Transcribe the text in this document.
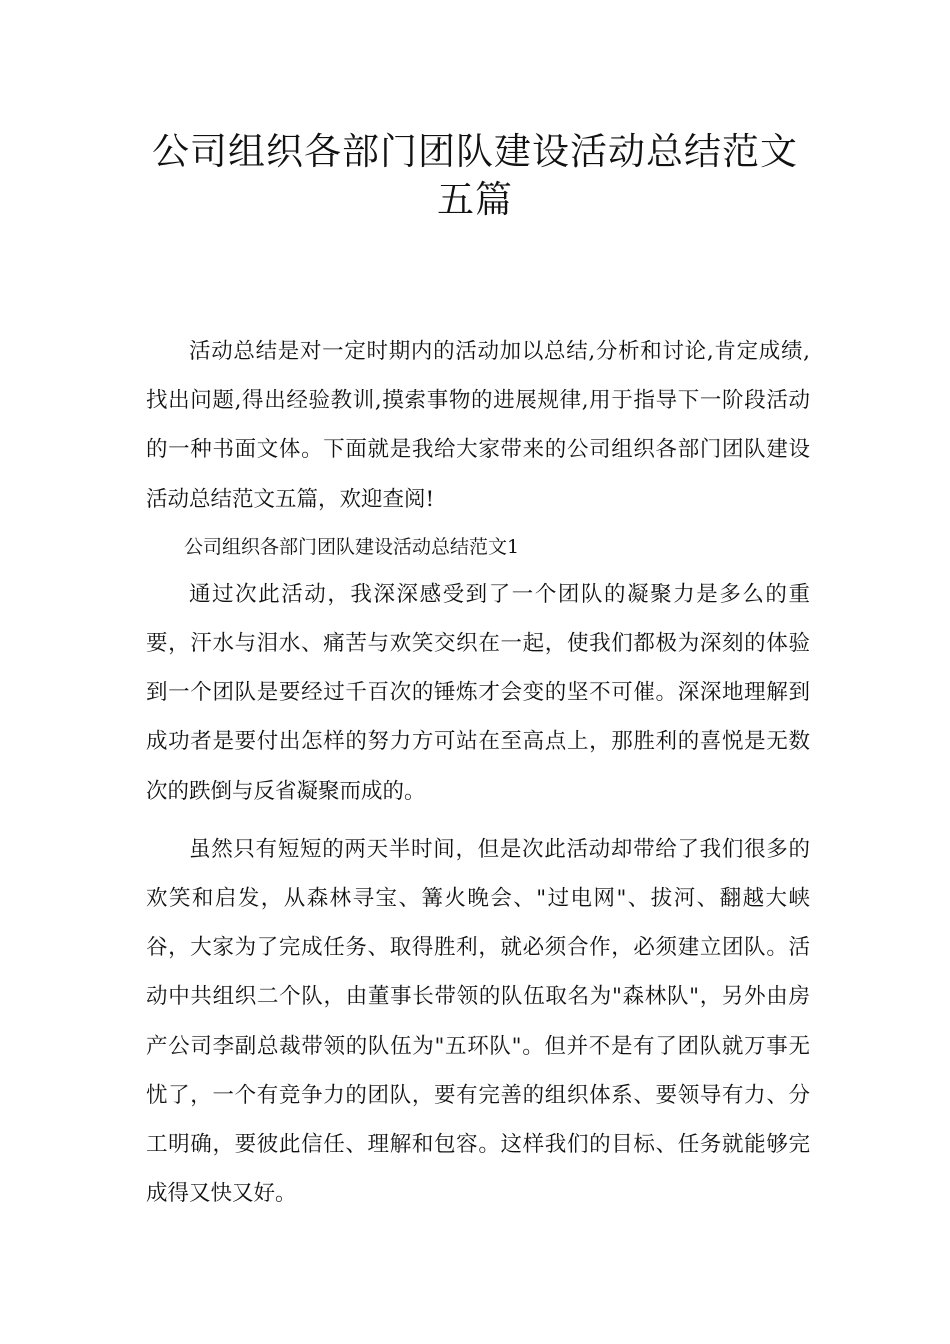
公司组织各部门团队建设活动总结范文
五篇

活动总结是对一定时期内的活动加以总结,分析和讨论,肯定成绩,找出问题,得出经验教训,摸索事物的进展规律,用于指导下一阶段活动的一种书面文体。下面就是我给大家带来的公司组织各部门团队建设活动总结范文五篇，欢迎查阅!

公司组织各部门团队建设活动总结范文1

通过次此活动，我深深感受到了一个团队的凝聚力是多么的重要，汗水与泪水、痛苦与欢笑交织在一起，使我们都极为深刻的体验到一个团队是要经过千百次的锤炼才会变的坚不可催。深深地理解到成功者是要付出怎样的努力方可站在至高点上，那胜利的喜悦是无数次的跌倒与反省凝聚而成的。

虽然只有短短的两天半时间，但是次此活动却带给了我们很多的欢笑和启发，从森林寻宝、篝火晚会、"过电网"、拔河、翻越大峡谷，大家为了完成任务、取得胜利，就必须合作，必须建立团队。活动中共组织二个队，由董事长带领的队伍取名为"森林队"，另外由房产公司李副总裁带领的队伍为"五环队"。但并不是有了团队就万事无忧了，一个有竞争力的团队，要有完善的组织体系、要领导有力、分工明确，要彼此信任、理解和包容。这样我们的目标、任务就能够完成得又快又好。
